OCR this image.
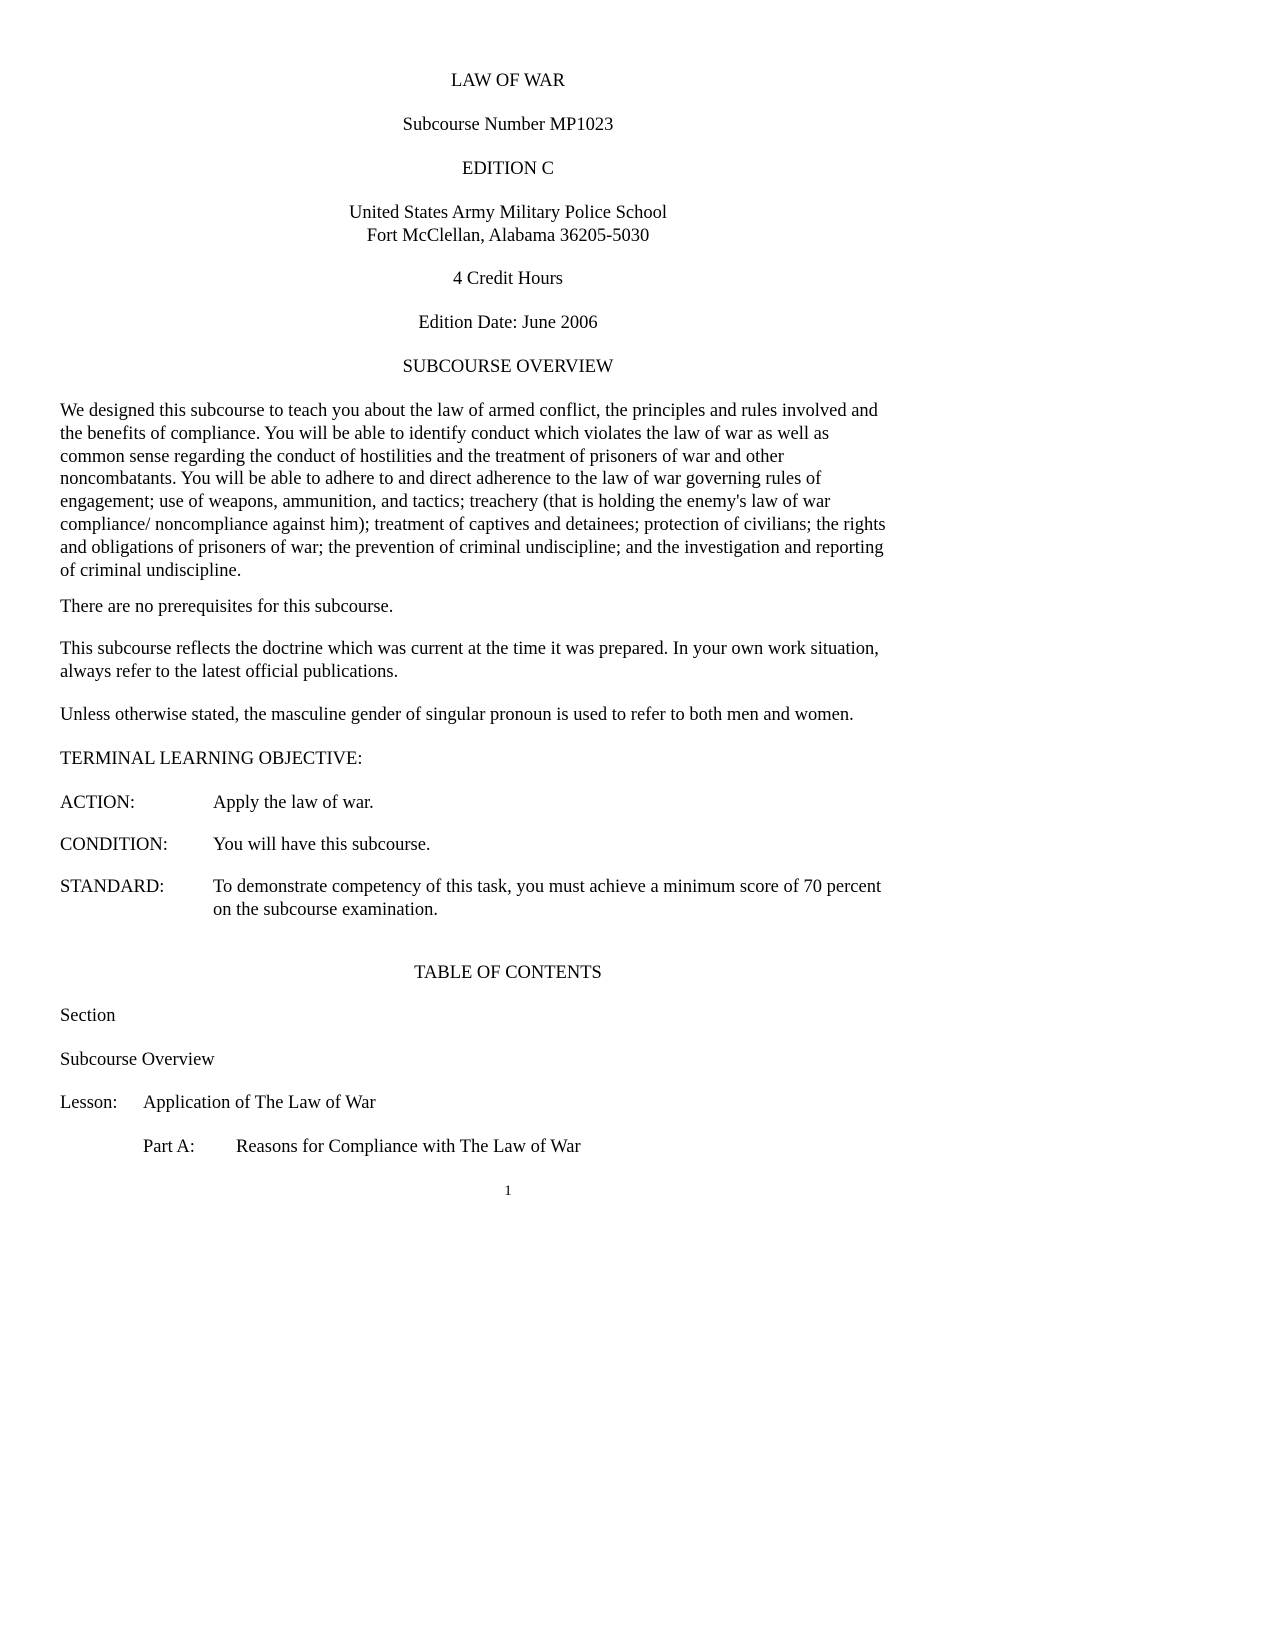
LAW OF WAR

Subcourse Number MP1023

EDITION C

United States Army Military Police School

Fort McClellan, Alabama 36205-5030

4 Credit Hours

Edition Date: June 2006

SUBCOURSE OVERVIEW

We designed this subcourse to teach you about the law of armed conflict, the principles and rules involved and
the benefits of compliance. You will be able to identify conduct which violates the law of war as well as
common sense regarding the conduct of hostilities and the treatment of prisoners of war and other
noncombatants. You will be able to adhere to and direct adherence to the law of war governing rules of
engagement; use of weapons, ammunition, and tactics; treachery (that is holding the enemy's law of war
compliance/ noncompliance against him); treatment of captives and detainees; protection of civilians; the rights
and obligations of prisoners of war; the prevention of criminal undiscipline; and the investigation and reporting
of criminal undiscipline.

There are no prerequisites for this subcourse.

This subcourse reflects the doctrine which was current at the time it was prepared. In your own work situation,
always refer to the latest official publications.

Unless otherwise stated, the masculine gender of singular pronoun is used to refer to both men and women.

TERMINAL LEARNING OBJECTIVE:

ACTION:	Apply the law of war.

CONDITION: You will have this subcourse.

STANDARD:	To demonstrate competency of this task, you must achieve a minimum score of 70 percent
on the subcourse examination.

TABLE OF CONTENTS

Section

Subcourse Overview

Lesson: Application of The Law of War

Part A: Reasons for Compliance with The Law of War

1
